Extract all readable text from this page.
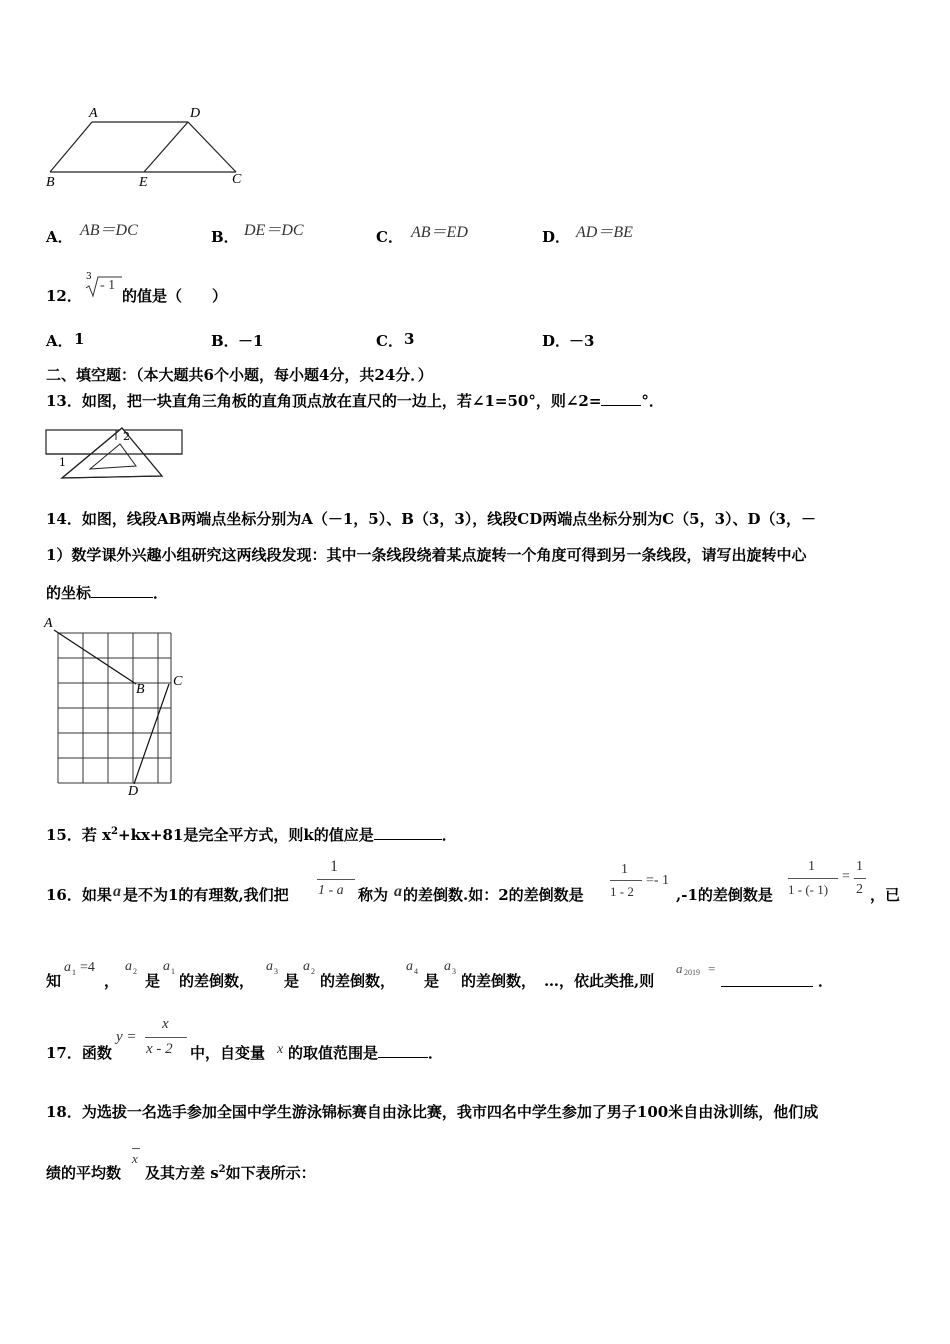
A	D
B	E	C
A． AB＝DC	B． DE＝DC	C． AB＝ED	D． AD＝BE
12．
3
- 1
的值是（　　）
A． 1	B． －1	C． 3	D．
－3
二、填空题：（本大题共6个小题，每小题4分，共24分．）
13．如图，把一块直角三角板的直角顶点放在直尺的一边上，若∠1=50°，则∠2=	°．
1
2
14．如图，线段AB两端点坐标分别为A（－1，5）、B（3，3），线段CD两端点坐标分别为C（5，3）、D（3，－
1）数学课外兴趣小组研究这两线段发现：其中一条线段绕着某点旋转一个角度可得到另一条线段，请写出旋转中心
的坐标	．
A
B
C
D
15．若 $x^2+kx+81$是完全平方式，则k的值应是	．
16．如果 a 是不为1的有理数,我们把
1
1 - a 称为 a 的差倒数.如：2的差倒数是
1
1 - 2
=- 1
,-1的差倒数是
1
1 - (- 1)
=
1
2 ，已
知
a 1 =4
，
a 2
是
a 1
的差倒数，
a 3
是
a 2
的差倒数，
a 4
是
a 3
的差倒数， …，依此类推,则
a 2019 =
．
17．函数
y =
x
x - 2 中，自变量 x 的取值范围是	．
18．为选拔一名选手参加全国中学生游泳锦标赛自由泳比赛，我市四名中学生参加了男子100米自由泳训练，他们成
绩的平均数
x
及其方差 $s^2$如下表所示：
